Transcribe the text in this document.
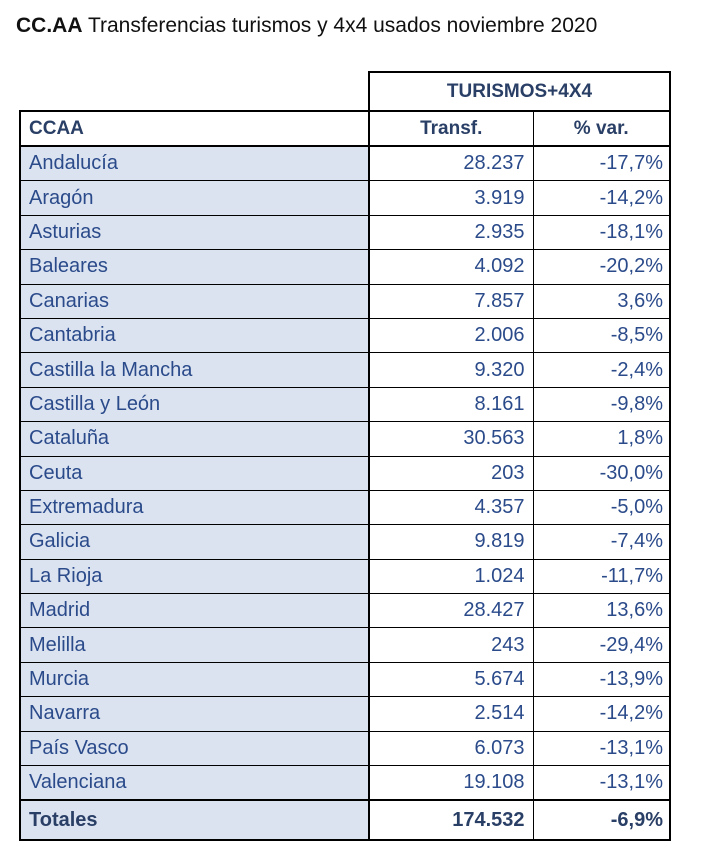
CC.AA Transferencias turismos y 4x4 usados noviembre 2020
	TURISMOS+4X4	
CCAA	Transf.	% var.
Andalucía	28.237	-17,7%
Aragón	3.919	-14,2%
Asturias	2.935	-18,1%
Baleares	4.092	-20,2%
Canarias	7.857	3,6%
Cantabria	2.006	-8,5%
Castilla la Mancha	9.320	-2,4%
Castilla y León	8.161	-9,8%
Cataluña	30.563	1,8%
Ceuta	203	-30,0%
Extremadura	4.357	-5,0%
Galicia	9.819	-7,4%
La Rioja	1.024	-11,7%
Madrid	28.427	13,6%
Melilla	243	-29,4%
Murcia	5.674	-13,9%
Navarra	2.514	-14,2%
País Vasco	6.073	-13,1%
Valenciana	19.108	-13,1%
Totales	174.532	-6,9%
